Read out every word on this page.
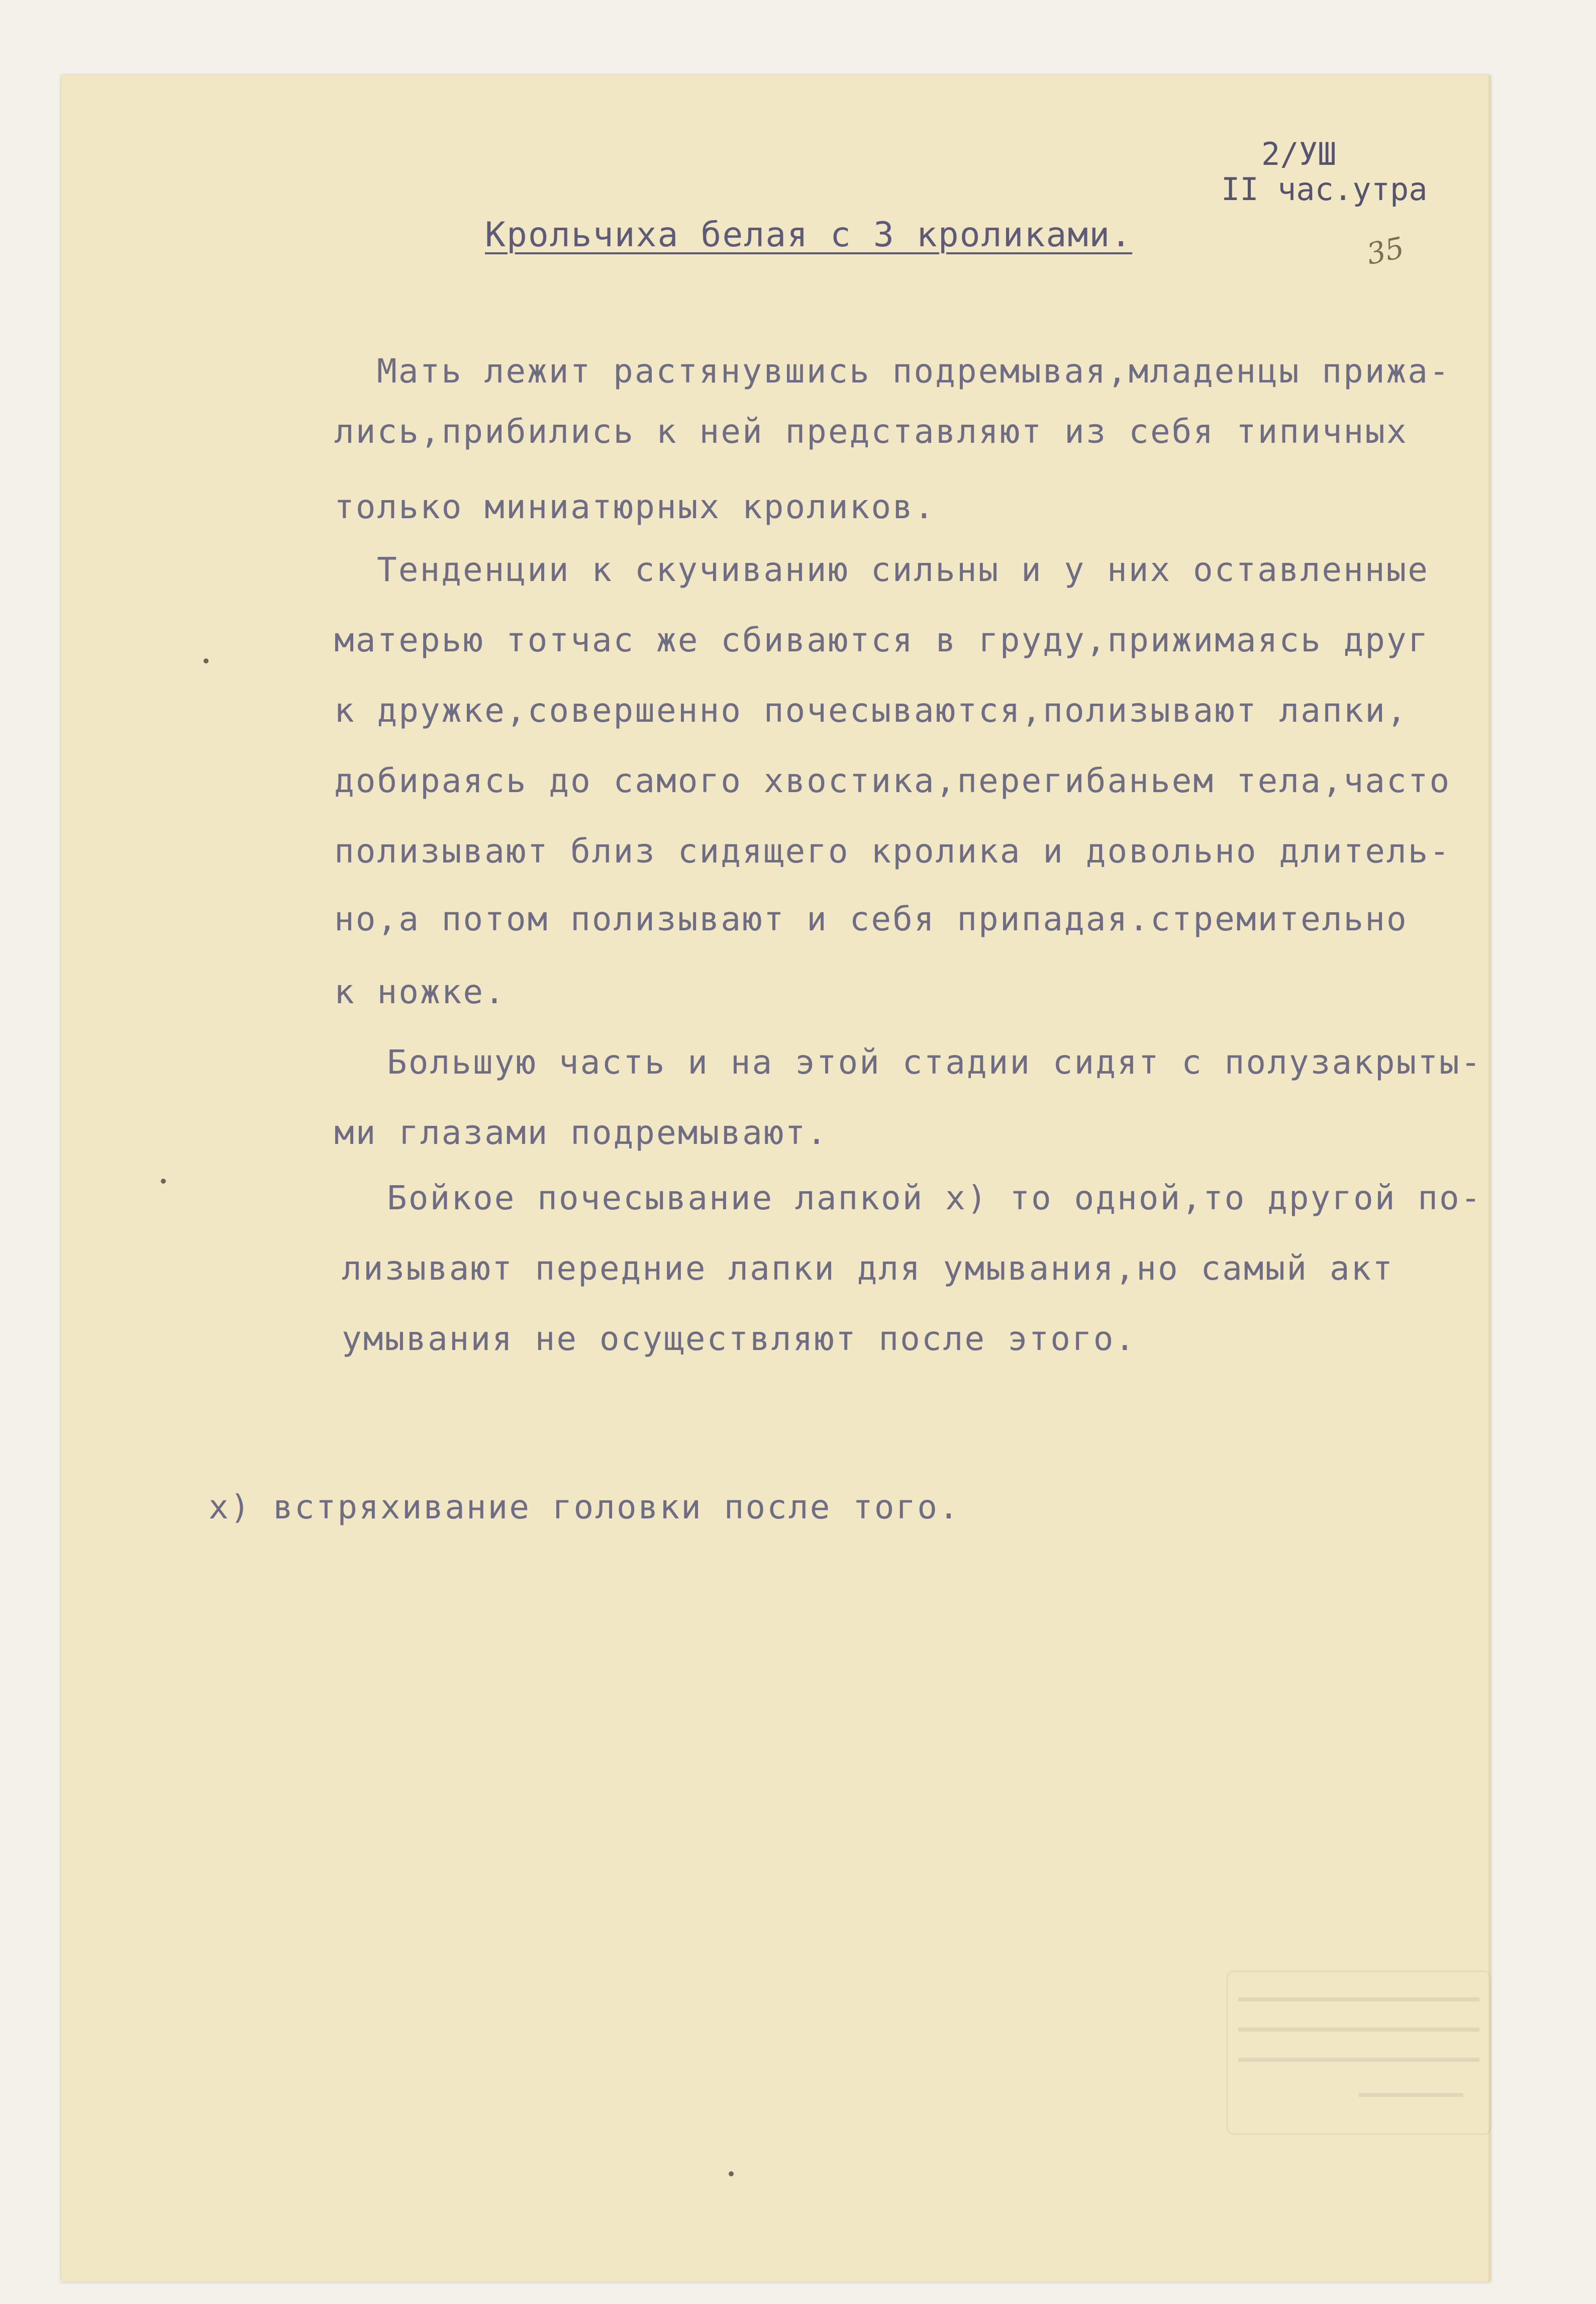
2/УШ
II час.утра
35
Крольчиха белая с 3 кроликами.
Мать лежит растянувшись подремывая,младенцы прижа-
лись,прибились к ней представляют из себя типичных
только миниатюрных кроликов.
Тенденции к скучиванию сильны и у них оставленные
матерью тотчас же сбиваются в груду,прижимаясь друг
к дружке,совершенно почесываются,полизывают лапки,
добираясь до самого хвостика,перегибаньем тела,часто
полизывают близ сидящего кролика и довольно длитель-
но,а потом полизывают и себя припадая.стремительно
к ножке.
Большую часть и на этой стадии сидят с полузакрыты-
ми глазами подремывают.
Бойкое почесывание лапкой х) то одной,то другой по-
лизывают передние лапки для умывания,но самый акт
умывания не осуществляют после этого.
х) встряхивание головки после того.
